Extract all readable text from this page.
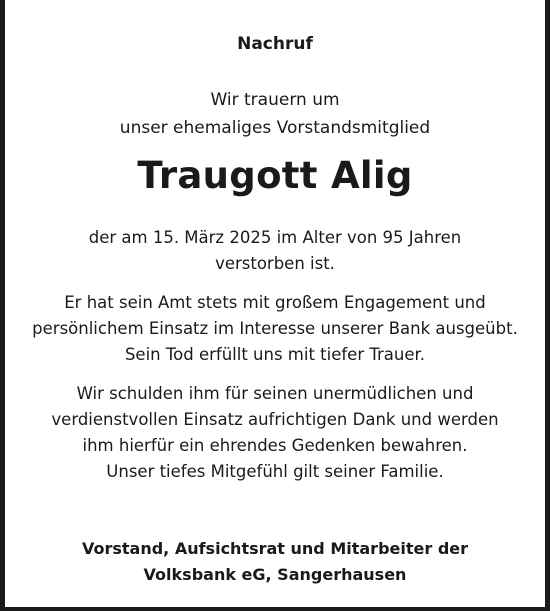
Nachruf
Wir trauern um
unser ehemaliges Vorstandsmitglied
Traugott Alig
der am 15. März 2025 im Alter von 95 Jahren
verstorben ist.
Er hat sein Amt stets mit großem Engagement und
persönlichem Einsatz im Interesse unserer Bank ausgeübt.
Sein Tod erfüllt uns mit tiefer Trauer.
Wir schulden ihm für seinen unermüdlichen und
verdienstvollen Einsatz aufrichtigen Dank und werden
ihm hierfür ein ehrendes Gedenken bewahren.
Unser tiefes Mitgefühl gilt seiner Familie.
Vorstand, Aufsichtsrat und Mitarbeiter der
Volksbank eG, Sangerhausen
